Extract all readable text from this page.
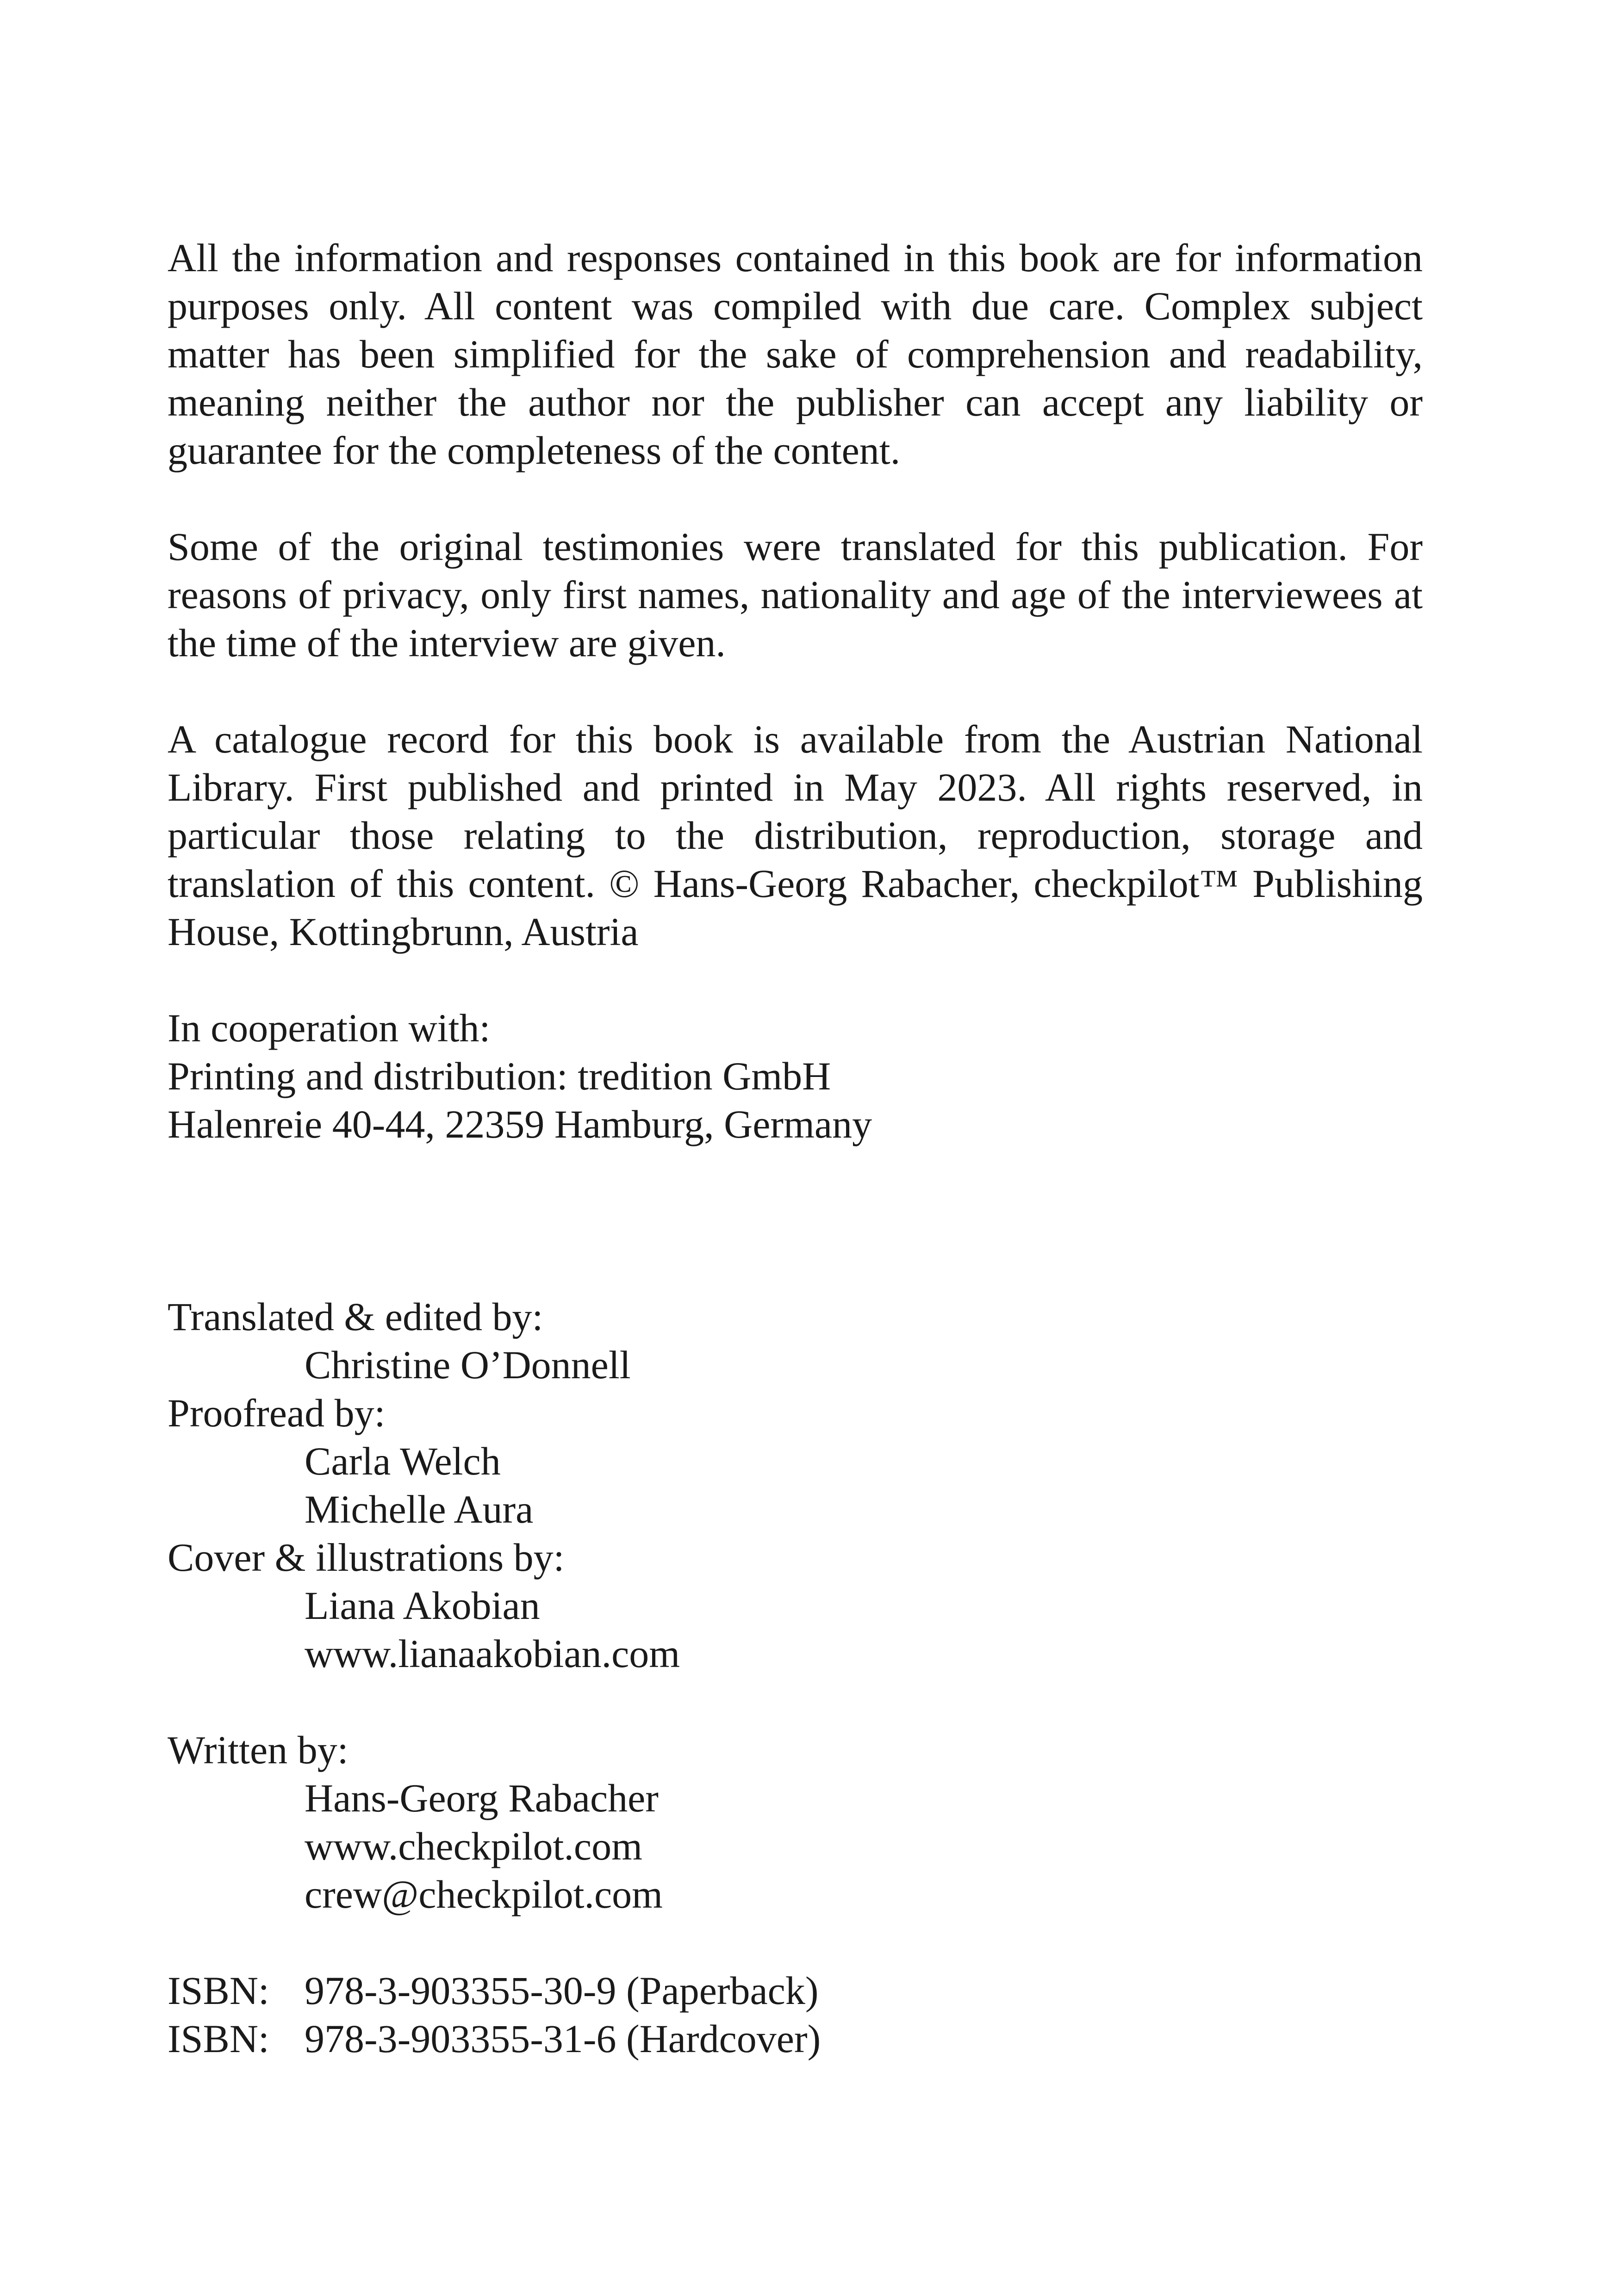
All the information and responses contained in this book are for information purposes only. All content was compiled with due care. Complex subject matter has been simplified for the sake of comprehension and readability, meaning neither the author nor the publisher can accept any liability or guarantee for the completeness of the content.

Some of the original testimonies were translated for this publication. For reasons of privacy, only first names, nationality and age of the interviewees at the time of the interview are given.

A catalogue record for this book is available from the Austrian National Library. First published and printed in May 2023. All rights reserved, in particular those relating to the distribution, reproduction, storage and translation of this content. © Hans-Georg Rabacher, checkpilot™ Publishing House, Kottingbrunn, Austria

In cooperation with:
Printing and distribution: tredition GmbH
Halenreie 40-44, 22359 Hamburg, Germany
Translated & edited by:
Christine O’Donnell
Proofread by:
Carla Welch
Michelle Aura
Cover & illustrations by:
Liana Akobian
www.lianaakobian.com
Written by:
Hans-Georg Rabacher
www.checkpilot.com
crew@checkpilot.com
ISBN: 978-3-903355-30-9 (Paperback)
ISBN: 978-3-903355-31-6 (Hardcover)
